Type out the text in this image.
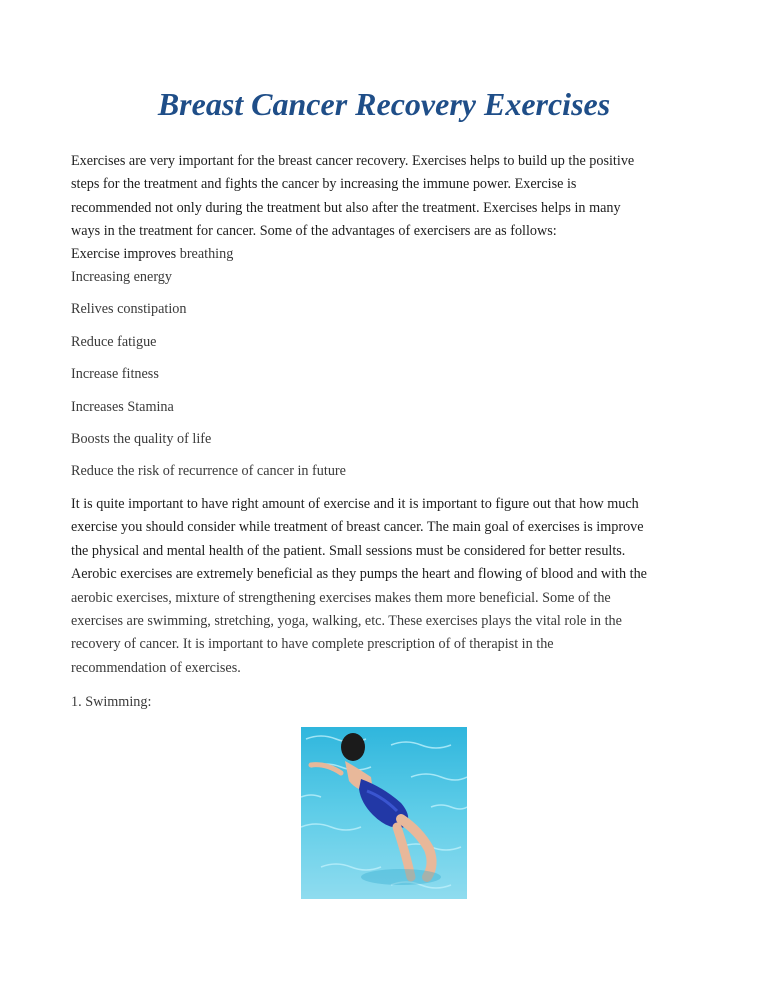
Breast Cancer Recovery Exercises

Exercises are very important for the breast cancer recovery. Exercises helps to build up the positive
steps for the treatment and fights the cancer by increasing the immune power. Exercise is
recommended not only during the treatment but also after the treatment. Exercises helps in many
ways in the treatment for cancer. Some of the advantages of exercisers are as follows:

Exercise improves breathing
Increasing energy
Relives constipation
Reduce fatigue
Increase fitness
Increases Stamina
Boosts the quality of life
Reduce the risk of recurrence of cancer in future

It is quite important to have right amount of exercise and it is important to figure out that how much
exercise you should consider while treatment of breast cancer. The main goal of exercises is improve
the physical and mental health of the patient. Small sessions must be considered for better results.
Aerobic exercises are extremely beneficial as they pumps the heart and flowing of blood and with the
aerobic exercises, mixture of strengthening exercises makes them more beneficial. Some of the
exercises are swimming, stretching, yoga, walking, etc. These exercises plays the vital role in the
recovery of cancer. It is important to have complete prescription of of therapist in the
recommendation of exercises.

1. Swimming:
